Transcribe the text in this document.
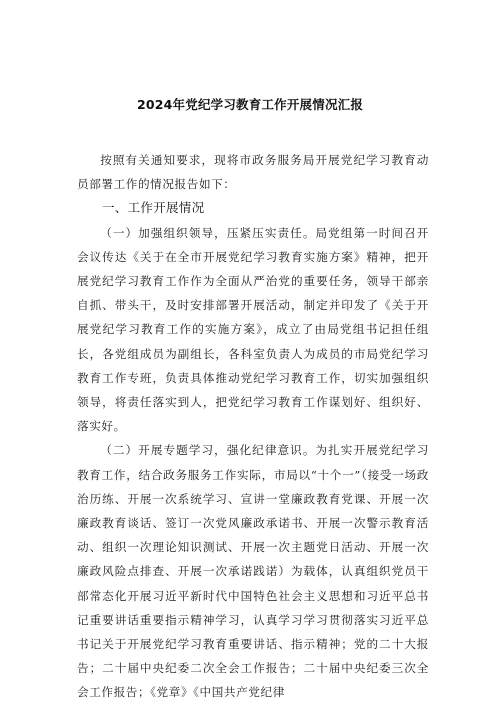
2024年党纪学习教育工作开展情况汇报

按照有关通知要求，现将市政务服务局开展党纪学习教育动员部署工作的情况报告如下：

一、工作开展情况

（一）加强组织领导，压紧压实责任。局党组第一时间召开会议传达《关于在全市开展党纪学习教育实施方案》精神，把开展党纪学习教育工作作为全面从严治党的重要任务，领导干部亲自抓、带头干，及时安排部署开展活动，制定并印发了《关于开展党纪学习教育工作的实施方案》，成立了由局党组书记担任组长，各党组成员为副组长，各科室负责人为成员的市局党纪学习教育工作专班，负责具体推动党纪学习教育工作，切实加强组织领导，将责任落实到人，把党纪学习教育工作谋划好、组织好、落实好。

（二）开展专题学习，强化纪律意识。为扎实开展党纪学习教育工作，结合政务服务工作实际，市局以“十个一”（接受一场政治历练、开展一次系统学习、宣讲一堂廉政教育党课、开展一次廉政教育谈话、签订一次党风廉政承诺书、开展一次警示教育活动、组织一次理论知识测试、开展一次主题党日活动、开展一次廉政风险点排查、开展一次承诺践诺）为载体，认真组织党员干部常态化开展习近平新时代中国特色社会主义思想和习近平总书记重要讲话重要指示精神学习，认真学习学习贯彻落实习近平总书记关于开展党纪学习教育重要讲话、指示精神；党的二十大报告；二十届中央纪委二次全会工作报告；二十届中央纪委三次全会工作报告；《党章》《中国共产党纪律
